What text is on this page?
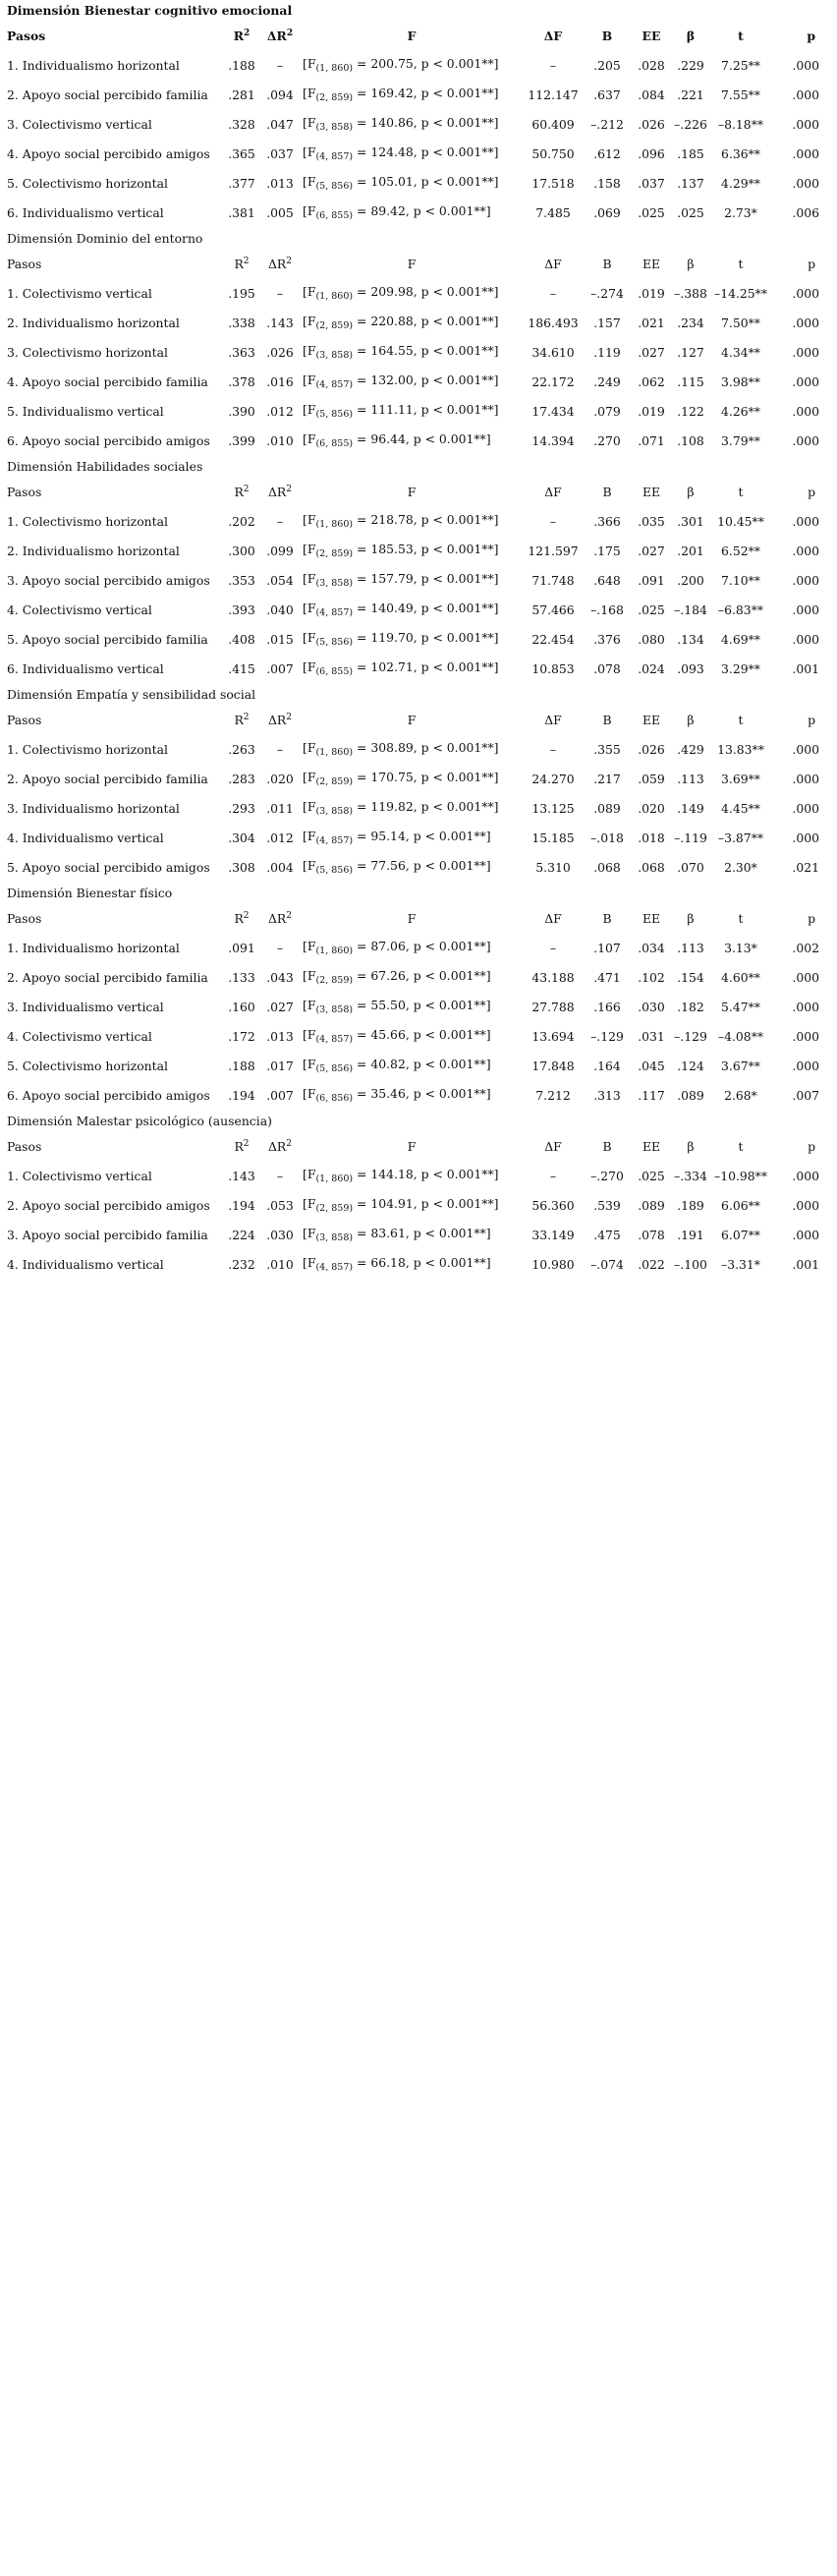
Dimensión Bienestar cognitivo emocional									
Pasos	$R^2$	$\Delta R^2$	F	ΔF	B	EE	β	t	p
1. Individualismo horizontal	.188	–	[$F_{(1, 860)} = 200.75$, p < 0.001**]	–	.205	.028	.229	7.25**	.000
2. Apoyo social percibido familia	.281	.094	[$F_{(2, 859)} = 169.42$, p < 0.001**]	112.147	.637	.084	.221	7.55**	.000
3. Colectivismo vertical	.328	.047	[$F_{(3, 858)} = 140.86$, p < 0.001**]	60.409	–.212	.026	–.226	–8.18**	.000
4. Apoyo social percibido amigos	.365	.037	[$F_{(4, 857)} = 124.48$, p < 0.001**]	50.750	.612	.096	.185	6.36**	.000
5. Colectivismo horizontal	.377	.013	[$F_{(5, 856)} = 105.01$, p < 0.001**]	17.518	.158	.037	.137	4.29**	.000
6. Individualismo vertical	.381	.005	[$F_{(6, 855)} = 89.42$, p < 0.001**]	7.485	.069	.025	.025	2.73*	.006
Dimensión Dominio del entorno									
Pasos	$R^2$	$\Delta R^2$	F	ΔF	B	EE	β	t	p
1. Colectivismo vertical	.195	–	[$F_{(1, 860)} = 209.98$, p < 0.001**]	–	–.274	.019	–.388	–14.25**	.000
2. Individualismo horizontal	.338	.143	[$F_{(2, 859)} = 220.88$, p < 0.001**]	186.493	.157	.021	.234	7.50**	.000
3. Colectivismo horizontal	.363	.026	[$F_{(3, 858)} = 164.55$, p < 0.001**]	34.610	.119	.027	.127	4.34**	.000
4. Apoyo social percibido familia	.378	.016	[$F_{(4, 857)} = 132.00$, p < 0.001**]	22.172	.249	.062	.115	3.98**	.000
5. Individualismo vertical	.390	.012	[$F_{(5, 856)} = 111.11$, p < 0.001**]	17.434	.079	.019	.122	4.26**	.000
6. Apoyo social percibido amigos	.399	.010	[$F_{(6, 855)} = 96.44$, p < 0.001**]	14.394	.270	.071	.108	3.79**	.000
Dimensión Habilidades sociales									
Pasos	$R^2$	$\Delta R^2$	F	ΔF	B	EE	β	t	p
1. Colectivismo horizontal	.202	–	[$F_{(1, 860)} = 218.78$, p < 0.001**]	–	.366	.035	.301	10.45**	.000
2. Individualismo horizontal	.300	.099	[$F_{(2, 859)} = 185.53$, p < 0.001**]	121.597	.175	.027	.201	6.52**	.000
3. Apoyo social percibido amigos	.353	.054	[$F_{(3, 858)} = 157.79$, p < 0.001**]	71.748	.648	.091	.200	7.10**	.000
4. Colectivismo vertical	.393	.040	[$F_{(4, 857)} = 140.49$, p < 0.001**]	57.466	–.168	.025	–.184	–6.83**	.000
5. Apoyo social percibido familia	.408	.015	[$F_{(5, 856)} = 119.70$, p < 0.001**]	22.454	.376	.080	.134	4.69**	.000
6. Individualismo vertical	.415	.007	[$F_{(6, 855)} = 102.71$, p < 0.001**]	10.853	.078	.024	.093	3.29**	.001
Dimensión Empatía y sensibilidad social									
Pasos	$R^2$	$\Delta R^2$	F	ΔF	B	EE	β	t	p
1. Colectivismo horizontal	.263	–	[$F_{(1, 860)} = 308.89$, p < 0.001**]	–	.355	.026	.429	13.83**	.000
2. Apoyo social percibido familia	.283	.020	[$F_{(2, 859)} = 170.75$, p < 0.001**]	24.270	.217	.059	.113	3.69**	.000
3. Individualismo horizontal	.293	.011	[$F_{(3, 858)} = 119.82$, p < 0.001**]	13.125	.089	.020	.149	4.45**	.000
4. Individualismo vertical	.304	.012	[$F_{(4, 857)} = 95.14$, p < 0.001**]	15.185	–.018	.018	–.119	–3.87**	.000
5. Apoyo social percibido amigos	.308	.004	[$F_{(5, 856)} = 77.56$, p < 0.001**]	5.310	.068	.068	.070	2.30*	.021
Dimensión Bienestar físico									
Pasos	$R^2$	$\Delta R^2$	F	ΔF	B	EE	β	t	p
1. Individualismo horizontal	.091	–	[$F_{(1, 860)} = 87.06$, p < 0.001**]	–	.107	.034	.113	3.13*	.002
2. Apoyo social percibido familia	.133	.043	[$F_{(2, 859)} = 67.26$, p < 0.001**]	43.188	.471	.102	.154	4.60**	.000
3. Individualismo vertical	.160	.027	[$F_{(3, 858)} = 55.50$, p < 0.001**]	27.788	.166	.030	.182	5.47**	.000
4. Colectivismo vertical	.172	.013	[$F_{(4, 857)} = 45.66$, p < 0.001**]	13.694	–.129	.031	–.129	–4.08**	.000
5. Colectivismo horizontal	.188	.017	[$F_{(5, 856)} = 40.82$, p < 0.001**]	17.848	.164	.045	.124	3.67**	.000
6. Apoyo social percibido amigos	.194	.007	[$F_{(6, 856)} = 35.46$, p < 0.001**]	7.212	.313	.117	.089	2.68*	.007
Dimensión Malestar psicológico (ausencia)									
Pasos	$R^2$	$\Delta R^2$	F	ΔF	B	EE	β	t	p
1. Colectivismo vertical	.143	–	[$F_{(1, 860)} = 144.18$, p < 0.001**]	–	–.270	.025	–.334	–10.98**	.000
2. Apoyo social percibido amigos	.194	.053	[$F_{(2, 859)} = 104.91$, p < 0.001**]	56.360	.539	.089	.189	6.06**	.000
3. Apoyo social percibido familia	.224	.030	[$F_{(3, 858)} = 83.61$, p < 0.001**]	33.149	.475	.078	.191	6.07**	.000
4. Individualismo vertical	.232	.010	[$F_{(4, 857)} = 66.18$, p < 0.001**]	10.980	–.074	.022	–.100	–3.31*	.001
